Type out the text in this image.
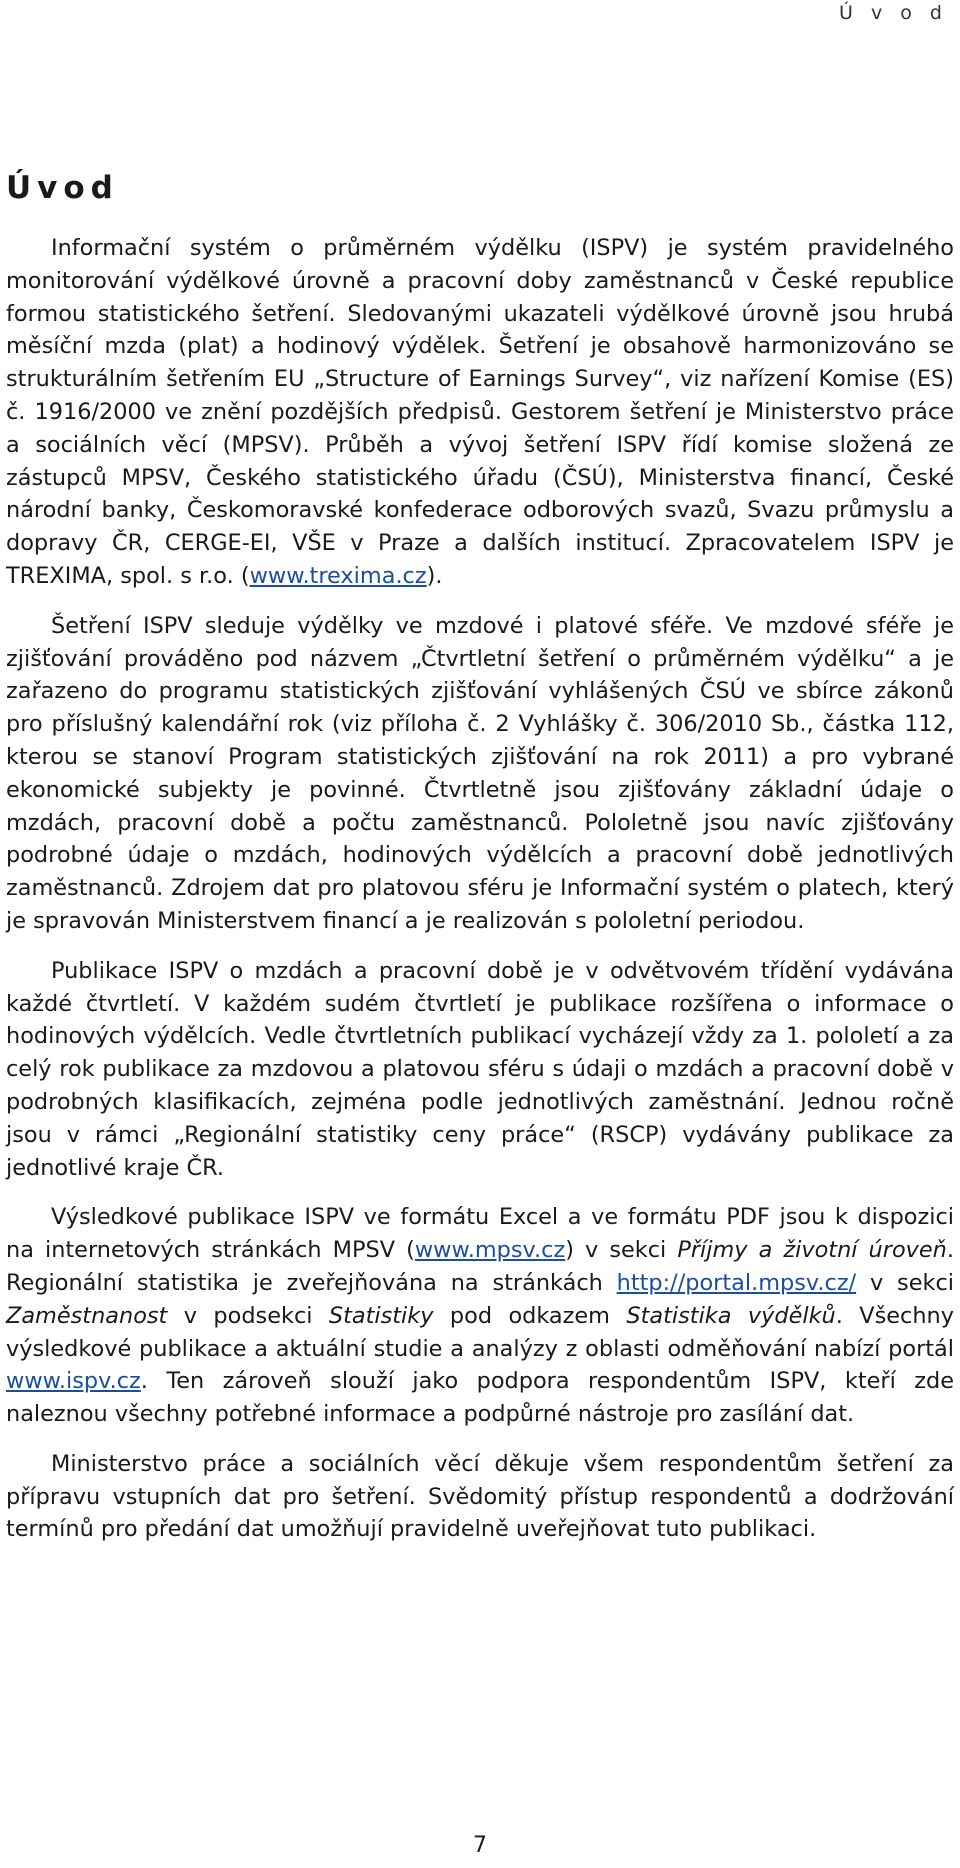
Ú v o d
Úvod

Informační systém o průměrném výdělku (ISPV) je systém pravidelného monitorování výdělkové úrovně a pracovní doby zaměstnanců v České republice formou statistického šetření. Sledovanými ukazateli výdělkové úrovně jsou hrubá měsíční mzda (plat) a hodinový výdělek. Šetření je obsahově harmonizováno se strukturálním šetřením EU „Structure of Earnings Survey“, viz nařízení Komise (ES) č. 1916/2000 ve znění pozdějších předpisů. Gestorem šetření je Ministerstvo práce a sociálních věcí (MPSV). Průběh a vývoj šetření ISPV řídí komise složená ze zástupců MPSV, Českého statistického úřadu (ČSÚ), Ministerstva financí, České národní banky, Českomoravské konfederace odborových svazů, Svazu průmyslu a dopravy ČR, CERGE-EI, VŠE v Praze a dalších institucí. Zpracovatelem ISPV je TREXIMA, spol. s r.o. (www.trexima.cz).

Šetření ISPV sleduje výdělky ve mzdové i platové sféře. Ve mzdové sféře je zjišťování prováděno pod názvem „Čtvrtletní šetření o průměrném výdělku“ a je zařazeno do programu statistických zjišťování vyhlášených ČSÚ ve sbírce zákonů pro příslušný kalendářní rok (viz příloha č. 2 Vyhlášky č. 306/2010 Sb., částka 112, kterou se stanoví Program statistických zjišťování na rok 2011) a pro vybrané ekonomické subjekty je povinné. Čtvrtletně jsou zjišťovány základní údaje o mzdách, pracovní době a počtu zaměstnanců. Pololetně jsou navíc zjišťovány podrobné údaje o mzdách, hodinových výdělcích a pracovní době jednotlivých zaměstnanců. Zdrojem dat pro platovou sféru je Informační systém o platech, který je spravován Ministerstvem financí a je realizován s pololetní periodou.

Publikace ISPV o mzdách a pracovní době je v odvětvovém třídění vydávána každé čtvrtletí. V každém sudém čtvrtletí je publikace rozšířena o informace o hodinových výdělcích. Vedle čtvrtletních publikací vycházejí vždy za 1. pololetí a za celý rok publikace za mzdovou a platovou sféru s údaji o mzdách a pracovní době v podrobných klasifikacích, zejména podle jednotlivých zaměstnání. Jednou ročně jsou v rámci „Regionální statistiky ceny práce“ (RSCP) vydávány publikace za jednotlivé kraje ČR.

Výsledkové publikace ISPV ve formátu Excel a ve formátu PDF jsou k dispozici na internetových stránkách MPSV (www.mpsv.cz) v sekci Příjmy a životní úroveň. Regionální statistika je zveřejňována na stránkách http://portal.mpsv.cz/ v sekci Zaměstnanost v podsekci Statistiky pod odkazem Statistika výdělků. Všechny výsledkové publikace a aktuální studie a analýzy z oblasti odměňování nabízí portál www.ispv.cz. Ten zároveň slouží jako podpora respondentům ISPV, kteří zde naleznou všechny potřebné informace a podpůrné nástroje pro zasílání dat.

Ministerstvo práce a sociálních věcí děkuje všem respondentům šetření za přípravu vstupních dat pro šetření. Svědomitý přístup respondentů a dodržování termínů pro předání dat umožňují pravidelně uveřejňovat tuto publikaci.

7
